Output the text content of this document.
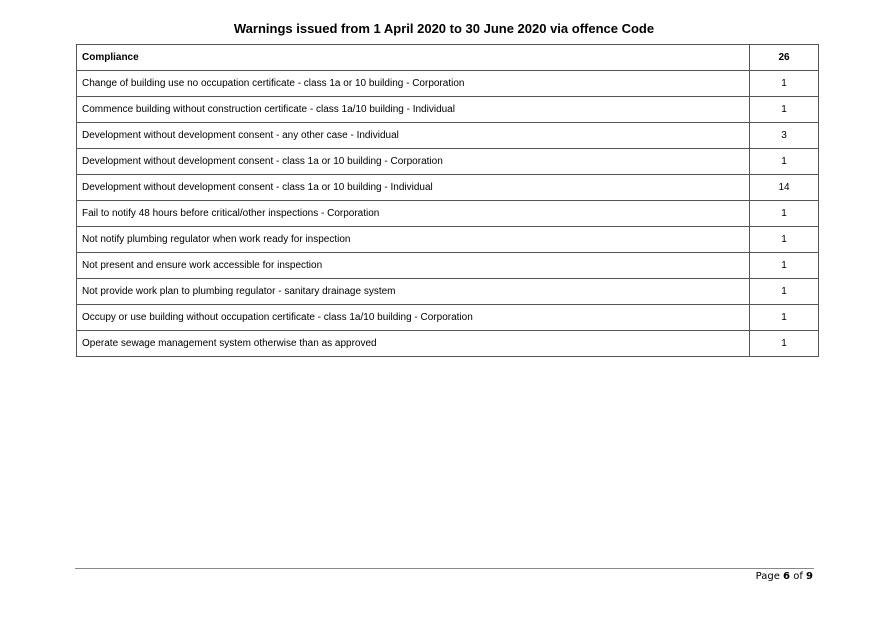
Warnings issued from 1 April 2020 to 30 June 2020 via offence Code
Compliance	26
Change of building use no occupation certificate - class 1a or 10 building - Corporation	1
Commence building without construction certificate - class 1a/10 building - Individual	1
Development without development consent - any other case - Individual	3
Development without development consent - class 1a or 10 building - Corporation	1
Development without development consent - class 1a or 10 building - Individual	14
Fail to notify 48 hours before critical/other inspections - Corporation	1
Not notify plumbing regulator when work ready for inspection	1
Not present and ensure work accessible for inspection	1
Not provide work plan to plumbing regulator - sanitary drainage system	1
Occupy or use building without occupation certificate - class 1a/10 building - Corporation	1
Operate sewage management system otherwise than as approved	1
Page 6 of 9
